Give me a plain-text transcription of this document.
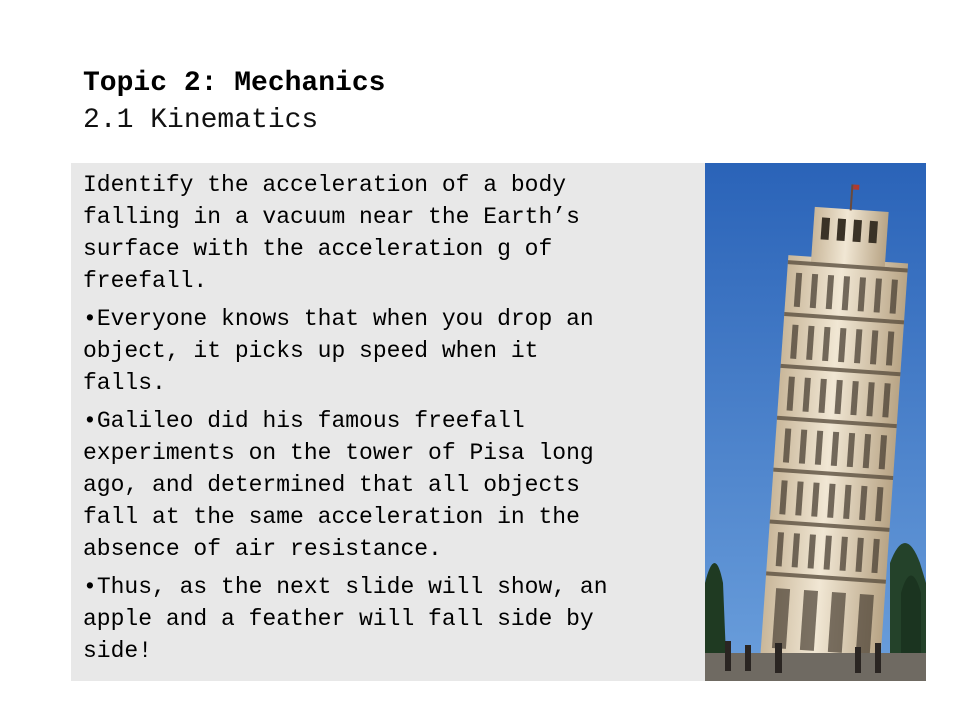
Topic 2: Mechanics
2.1 Kinematics

Identify the acceleration of a body
falling in a vacuum near the Earth’s
surface with the acceleration g of
freefall.

• Everyone knows that when you drop an
object, it picks up speed when it
falls.

• Galileo did his famous freefall
experiments on the tower of Pisa long
ago, and determined that all objects
fall at the same acceleration in the
absence of air resistance.

• Thus, as the next slide will show, an
apple and a feather will fall side by
side!
